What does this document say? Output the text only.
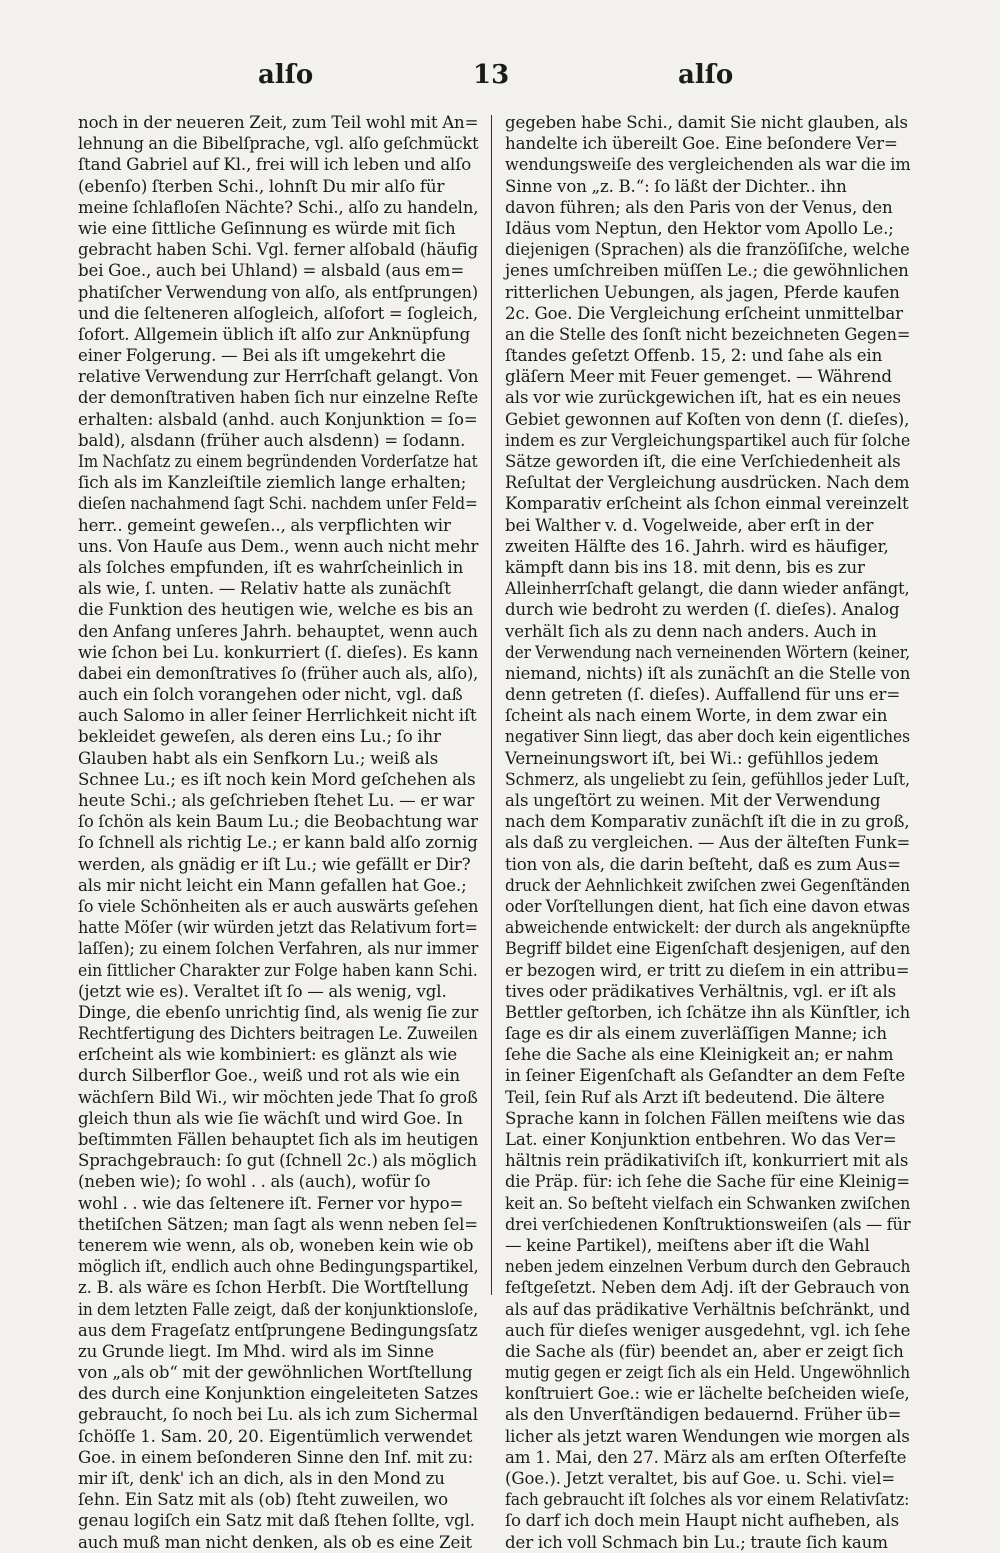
alſo	13	alſo
noch in der neueren Zeit, zum Teil wohl mit An=
lehnung an die Bibelſprache, vgl. alſo geſchmückt
ſtand Gabriel auf Kl., frei will ich leben und alſo
(ebenſo) ſterben Schi., lohnſt Du mir alſo für
meine ſchlafloſen Nächte? Schi., alſo zu handeln,
wie eine ſittliche Geſinnung es würde mit ſich
gebracht haben Schi. Vgl. ferner alſobald (häufig
bei Goe., auch bei Uhland) = alsbald (aus em=
phatiſcher Verwendung von alſo, als entſprungen)
und die ſelteneren alſogleich, alſofort = ſogleich,
ſofort. Allgemein üblich iſt alſo zur Anknüpfung
einer Folgerung. — Bei als iſt umgekehrt die
relative Verwendung zur Herrſchaft gelangt. Von
der demonſtrativen haben ſich nur einzelne Reſte
erhalten: alsbald (anhd. auch Konjunktion = ſo=
bald), alsdann (früher auch alsdenn) = ſodann.
Im Nachſatz zu einem begründenden Vorderſatze hat
ſich als im Kanzleiſtile ziemlich lange erhalten;
dieſen nachahmend ſagt Schi. nachdem unſer Feld=
herr.. gemeint geweſen.., als verpflichten wir
uns. Von Hauſe aus Dem., wenn auch nicht mehr
als ſolches empfunden, iſt es wahrſcheinlich in
als wie, ſ. unten. — Relativ hatte als zunächſt
die Funktion des heutigen wie, welche es bis an
den Anfang unſeres Jahrh. behauptet, wenn auch
wie ſchon bei Lu. konkurriert (ſ. dieſes). Es kann
dabei ein demonſtratives ſo (früher auch als, alſo),
auch ein ſolch vorangehen oder nicht, vgl. daß
auch Salomo in aller ſeiner Herrlichkeit nicht iſt
bekleidet geweſen, als deren eins Lu.; ſo ihr
Glauben habt als ein Senfkorn Lu.; weiß als
Schnee Lu.; es iſt noch kein Mord geſchehen als
heute Schi.; als geſchrieben ſtehet Lu. — er war
ſo ſchön als kein Baum Lu.; die Beobachtung war
ſo ſchnell als richtig Le.; er kann bald alſo zornig
werden, als gnädig er iſt Lu.; wie gefällt er Dir?
als mir nicht leicht ein Mann gefallen hat Goe.;
ſo viele Schönheiten als er auch auswärts geſehen
hatte Möſer (wir würden jetzt das Relativum fort=
laſſen); zu einem ſolchen Verfahren, als nur immer
ein ſittlicher Charakter zur Folge haben kann Schi.
(jetzt wie es). Veraltet iſt ſo — als wenig, vgl.
Dinge, die ebenſo unrichtig ſind, als wenig ſie zur
Rechtfertigung des Dichters beitragen Le. Zuweilen
erſcheint als wie kombiniert: es glänzt als wie
durch Silberflor Goe., weiß und rot als wie ein
wächſern Bild Wi., wir möchten jede That ſo groß
gleich thun als wie ſie wächſt und wird Goe. In
beſtimmten Fällen behauptet ſich als im heutigen
Sprachgebrauch: ſo gut (ſchnell 2c.) als möglich
(neben wie); ſo wohl . . als (auch), wofür ſo
wohl . . wie das ſeltenere iſt. Ferner vor hypo=
thetiſchen Sätzen; man ſagt als wenn neben ſel=
tenerem wie wenn, als ob, woneben kein wie ob
möglich iſt, endlich auch ohne Bedingungspartikel,
z. B. als wäre es ſchon Herbſt. Die Wortſtellung
in dem letzten Falle zeigt, daß der konjunktionsloſe,
aus dem Frageſatz entſprungene Bedingungsſatz
zu Grunde liegt. Im Mhd. wird als im Sinne
von „als ob“ mit der gewöhnlichen Wortſtellung
des durch eine Konjunktion eingeleiteten Satzes
gebraucht, ſo noch bei Lu. als ich zum Sichermal
ſchöſſe 1. Sam. 20, 20. Eigentümlich verwendet
Goe. in einem beſonderen Sinne den Inf. mit zu:
mir iſt, denk' ich an dich, als in den Mond zu
ſehn. Ein Satz mit als (ob) ſteht zuweilen, wo
genau logiſch ein Satz mit daß ſtehen ſollte, vgl.
auch muß man nicht denken, als ob es eine Zeit
gegeben habe Schi., damit Sie nicht glauben, als
handelte ich übereilt Goe. Eine beſondere Ver=
wendungsweiſe des vergleichenden als war die im
Sinne von „z. B.“: ſo läßt der Dichter.. ihn
davon führen; als den Paris von der Venus, den
Idäus vom Neptun, den Hektor vom Apollo Le.;
diejenigen (Sprachen) als die franzöſiſche, welche
jenes umſchreiben müſſen Le.; die gewöhnlichen
ritterlichen Uebungen, als jagen, Pferde kaufen
2c. Goe. Die Vergleichung erſcheint unmittelbar
an die Stelle des ſonſt nicht bezeichneten Gegen=
ſtandes geſetzt Offenb. 15, 2: und ſahe als ein
gläſern Meer mit Feuer gemenget. — Während
als vor wie zurückgewichen iſt, hat es ein neues
Gebiet gewonnen auf Koſten von denn (ſ. dieſes),
indem es zur Vergleichungspartikel auch für ſolche
Sätze geworden iſt, die eine Verſchiedenheit als
Reſultat der Vergleichung ausdrücken. Nach dem
Komparativ erſcheint als ſchon einmal vereinzelt
bei Walther v. d. Vogelweide, aber erſt in der
zweiten Hälfte des 16. Jahrh. wird es häufiger,
kämpft dann bis ins 18. mit denn, bis es zur
Alleinherrſchaft gelangt, die dann wieder anfängt,
durch wie bedroht zu werden (ſ. dieſes). Analog
verhält ſich als zu denn nach anders. Auch in
der Verwendung nach verneinenden Wörtern (keiner,
niemand, nichts) iſt als zunächſt an die Stelle von
denn getreten (ſ. dieſes). Auffallend für uns er=
ſcheint als nach einem Worte, in dem zwar ein
negativer Sinn liegt, das aber doch kein eigentliches
Verneinungswort iſt, bei Wi.: gefühllos jedem
Schmerz, als ungeliebt zu ſein, gefühllos jeder Luſt,
als ungeſtört zu weinen. Mit der Verwendung
nach dem Komparativ zunächſt iſt die in zu groß,
als daß zu vergleichen. — Aus der älteſten Funk=
tion von als, die darin beſteht, daß es zum Aus=
druck der Aehnlichkeit zwiſchen zwei Gegenſtänden
oder Vorſtellungen dient, hat ſich eine davon etwas
abweichende entwickelt: der durch als angeknüpfte
Begriff bildet eine Eigenſchaft desjenigen, auf den
er bezogen wird, er tritt zu dieſem in ein attribu=
tives oder prädikatives Verhältnis, vgl. er iſt als
Bettler geſtorben, ich ſchätze ihn als Künſtler, ich
ſage es dir als einem zuverläſſigen Manne; ich
ſehe die Sache als eine Kleinigkeit an; er nahm
in ſeiner Eigenſchaft als Geſandter an dem Feſte
Teil, ſein Ruf als Arzt iſt bedeutend. Die ältere
Sprache kann in ſolchen Fällen meiſtens wie das
Lat. einer Konjunktion entbehren. Wo das Ver=
hältnis rein prädikativiſch iſt, konkurriert mit als
die Präp. für: ich ſehe die Sache für eine Kleinig=
keit an. So beſteht vielfach ein Schwanken zwiſchen
drei verſchiedenen Konſtruktionsweiſen (als — für
— keine Partikel), meiſtens aber iſt die Wahl
neben jedem einzelnen Verbum durch den Gebrauch
feſtgeſetzt. Neben dem Adj. iſt der Gebrauch von
als auf das prädikative Verhältnis beſchränkt, und
auch für dieſes weniger ausgedehnt, vgl. ich ſehe
die Sache als (für) beendet an, aber er zeigt ſich
mutig gegen er zeigt ſich als ein Held. Ungewöhnlich
konſtruiert Goe.: wie er lächelte beſcheiden wieſe,
als den Unverſtändigen bedauernd. Früher üb=
licher als jetzt waren Wendungen wie morgen als
am 1. Mai, den 27. März als am erſten Oſterfeſte
(Goe.). Jetzt veraltet, bis auf Goe. u. Schi. viel=
fach gebraucht iſt ſolches als vor einem Relativſatz:
ſo darf ich doch mein Haupt nicht aufheben, als
der ich voll Schmach bin Lu.; traute ſich kaum
